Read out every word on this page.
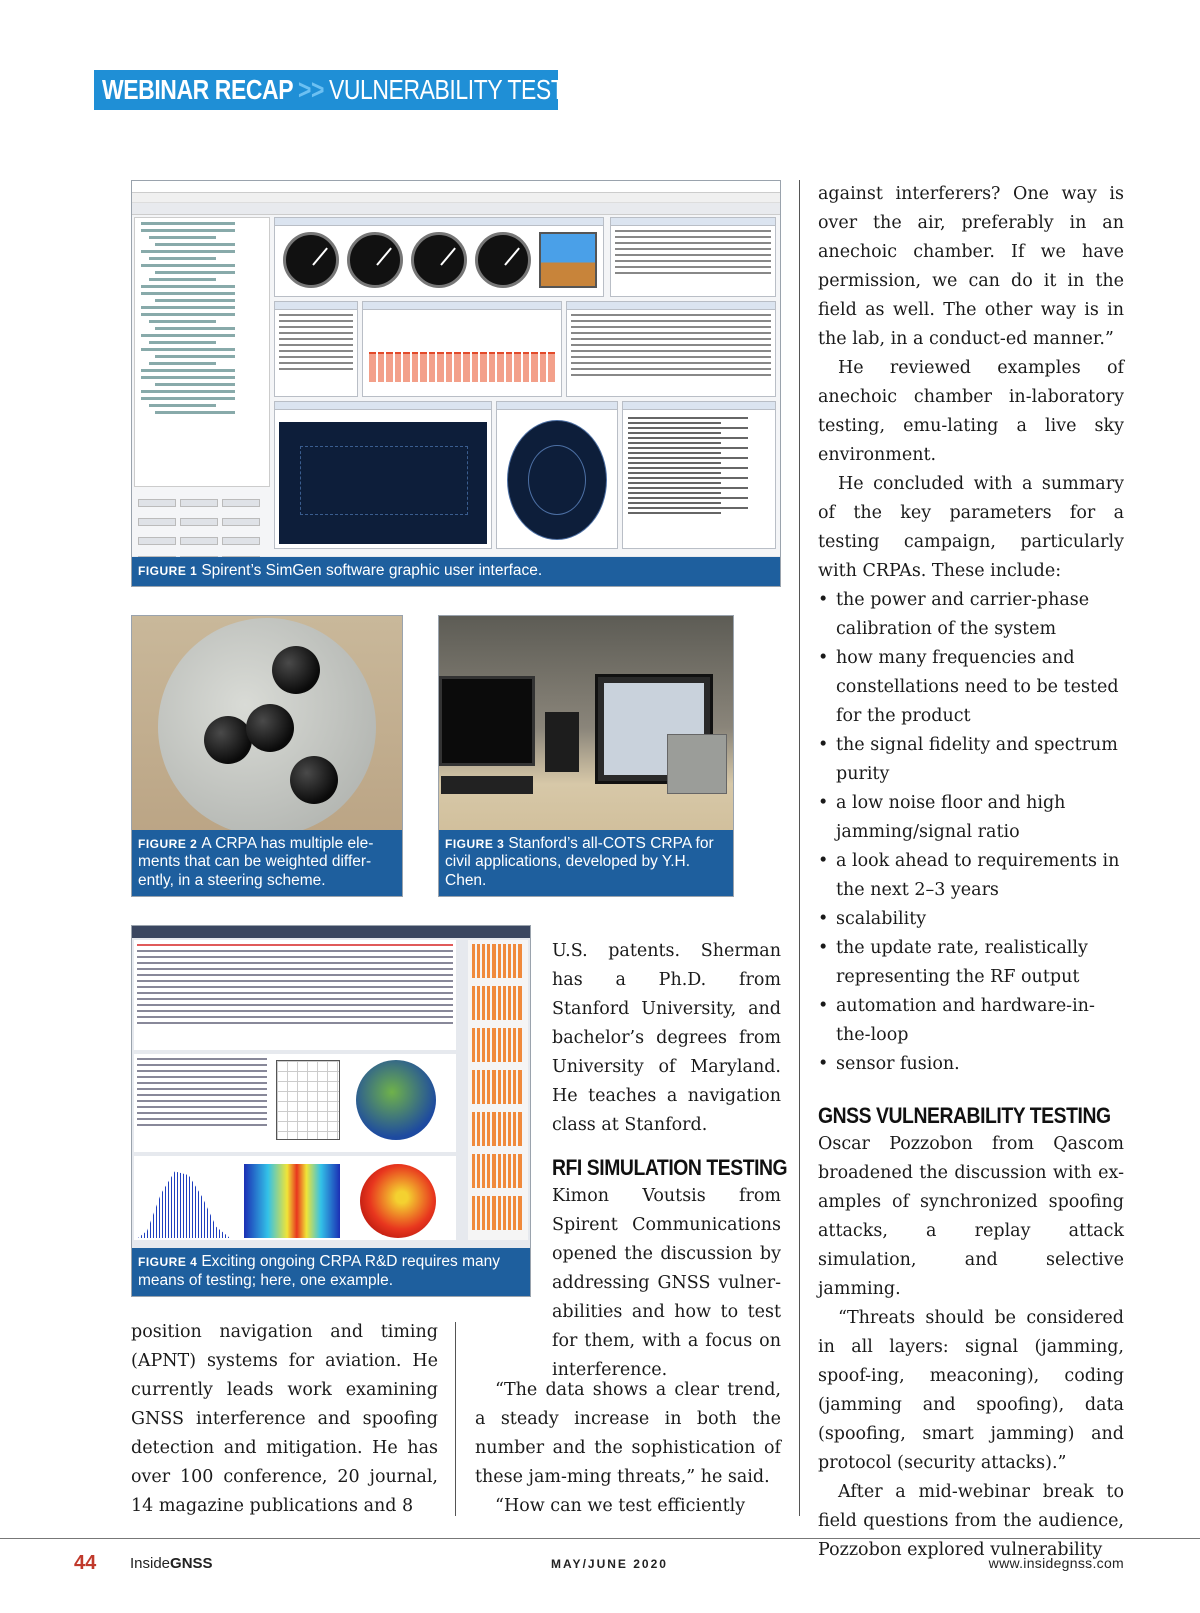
WEBINAR RECAP >> VULNERABILITY TESTING
FIGURE 1 Spirent’s SimGen software graphic user interface.
FIGURE 2 A CRPA has multiple ele-ments that can be weighted differ-ently, in a steering scheme.
FIGURE 3 Stanford’s all-COTS CRPA for civil applications, developed by Y.H. Chen.
FIGURE 4 Exciting ongoing CRPA R&D requires many means of testing; here, one example.

U.S. patents. Sherman has a Ph.D. from Stanford University, and bachelor’s degrees from University of Maryland. He teaches a navigation class at Stanford.

RFI SIMULATION TESTING

Kimon Voutsis from Spirent Communications opened the discussion by addressing GNSS vulner-abilities and how to test for them, with a focus on interference.

position navigation and timing (APNT) systems for aviation. He currently leads work examining GNSS interference and spoofing detection and mitigation. He has over 100 conference, 20 journal, 14 magazine publications and 8

“The data shows a clear trend, a steady increase in both the number and the sophistication of these jam-ming threats,” he said.

“How can we test efficiently

against interferers? One way is over the air, preferably in an anechoic chamber. If we have permission, we can do it in the field as well. The other way is in the lab, in a conduct-ed manner.”

He reviewed examples of anechoic chamber in-laboratory testing, emu-lating a live sky environment.

He concluded with a summary of the key parameters for a testing campaign, particularly with CRPAs. These include:

• the power and carrier-phase calibration of the system
• how many frequencies and constellations need to be tested for the product
• the signal fidelity and spectrum purity
• a low noise floor and high jamming/signal ratio
• a look ahead to requirements in the next 2–3 years
• scalability
• the update rate, realistically representing the RF output
• automation and hardware-in-the-loop
• sensor fusion.
GNSS VULNERABILITY TESTING

Oscar Pozzobon from Qascom broadened the discussion with ex-amples of synchronized spoofing attacks, a replay attack simulation, and selective jamming.

“Threats should be considered in all layers: signal (jamming, spoof-ing, meaconing), coding (jamming and spoofing), data (spoofing, smart jamming) and protocol (security attacks).”

After a mid-webinar break to field questions from the audience, Pozzobon explored vulnerability

44 InsideGNSS	MAY/JUNE 2020	www.insidegnss.com
